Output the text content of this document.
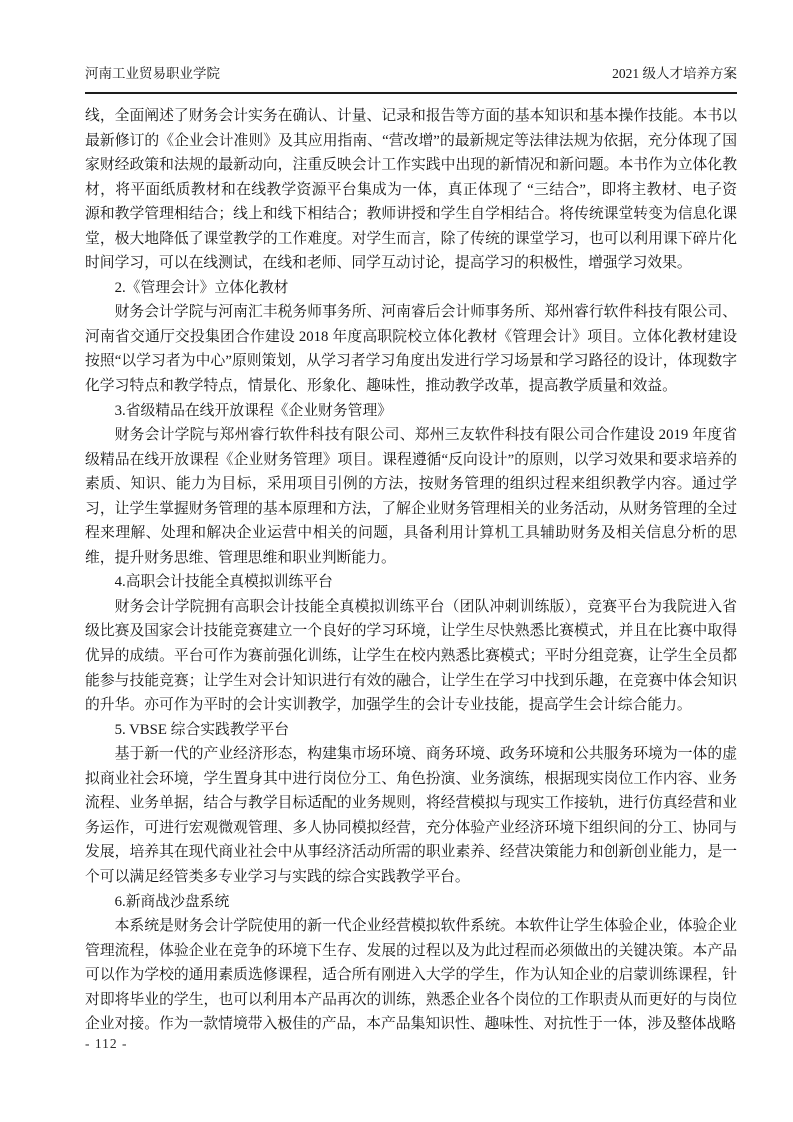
河南工业贸易职业学院	2021 级人才培养方案

线，全面阐述了财务会计实务在确认、计量、记录和报告等方面的基本知识和基本操作技能。本书以最新修订的《企业会计准则》及其应用指南、“营改增”的最新规定等法律法规为依据，充分体现了国家财经政策和法规的最新动向，注重反映会计工作实践中出现的新情况和新问题。本书作为立体化教材，将平面纸质教材和在线教学资源平台集成为一体，真正体现了 “三结合”，即将主教材、电子资源和教学管理相结合；线上和线下相结合；教师讲授和学生自学相结合。将传统课堂转变为信息化课堂，极大地降低了课堂教学的工作难度。对学生而言，除了传统的课堂学习，也可以利用课下碎片化时间学习，可以在线测试，在线和老师、同学互动讨论，提高学习的积极性，增强学习效果。

2.《管理会计》立体化教材

财务会计学院与河南汇丰税务师事务所、河南睿后会计师事务所、郑州睿行软件科技有限公司、河南省交通厅交投集团合作建设 2018 年度高职院校立体化教材《管理会计》项目。立体化教材建设按照“以学习者为中心”原则策划，从学习者学习角度出发进行学习场景和学习路径的设计，体现数字化学习特点和教学特点，情景化、形象化、趣味性，推动教学改革，提高教学质量和效益。

3.省级精品在线开放课程《企业财务管理》

财务会计学院与郑州睿行软件科技有限公司、郑州三友软件科技有限公司合作建设 2019 年度省级精品在线开放课程《企业财务管理》项目。课程遵循“反向设计”的原则，以学习效果和要求培养的素质、知识、能力为目标，采用项目引例的方法，按财务管理的组织过程来组织教学内容。通过学习，让学生掌握财务管理的基本原理和方法，了解企业财务管理相关的业务活动，从财务管理的全过程来理解、处理和解决企业运营中相关的问题，具备利用计算机工具辅助财务及相关信息分析的思维，提升财务思维、管理思维和职业判断能力。

4.高职会计技能全真模拟训练平台

财务会计学院拥有高职会计技能全真模拟训练平台（团队冲刺训练版），竞赛平台为我院进入省级比赛及国家会计技能竞赛建立一个良好的学习环境，让学生尽快熟悉比赛模式，并且在比赛中取得优异的成绩。平台可作为赛前强化训练，让学生在校内熟悉比赛模式；平时分组竞赛，让学生全员都能参与技能竞赛；让学生对会计知识进行有效的融合，让学生在学习中找到乐趣，在竞赛中体会知识的升华。亦可作为平时的会计实训教学，加强学生的会计专业技能，提高学生会计综合能力。

5. VBSE 综合实践教学平台

基于新一代的产业经济形态，构建集市场环境、商务环境、政务环境和公共服务环境为一体的虚拟商业社会环境，学生置身其中进行岗位分工、角色扮演、业务演练，根据现实岗位工作内容、业务流程、业务单据，结合与教学目标适配的业务规则，将经营模拟与现实工作接轨，进行仿真经营和业务运作，可进行宏观微观管理、多人协同模拟经营，充分体验产业经济环境下组织间的分工、协同与发展，培养其在现代商业社会中从事经济活动所需的职业素养、经营决策能力和创新创业能力，是一个可以满足经管类多专业学习与实践的综合实践教学平台。

6.新商战沙盘系统

本系统是财务会计学院使用的新一代企业经营模拟软件系统。本软件让学生体验企业，体验企业管理流程，体验企业在竞争的环境下生存、发展的过程以及为此过程而必须做出的关键决策。本产品可以作为学校的通用素质选修课程，适合所有刚进入大学的学生，作为认知企业的启蒙训练课程，针对即将毕业的学生，也可以利用本产品再次的训练，熟悉企业各个岗位的工作职责从而更好的与岗位企业对接。作为一款情境带入极佳的产品，本产品集知识性、趣味性、对抗性于一体，涉及整体战略

- 112 -
